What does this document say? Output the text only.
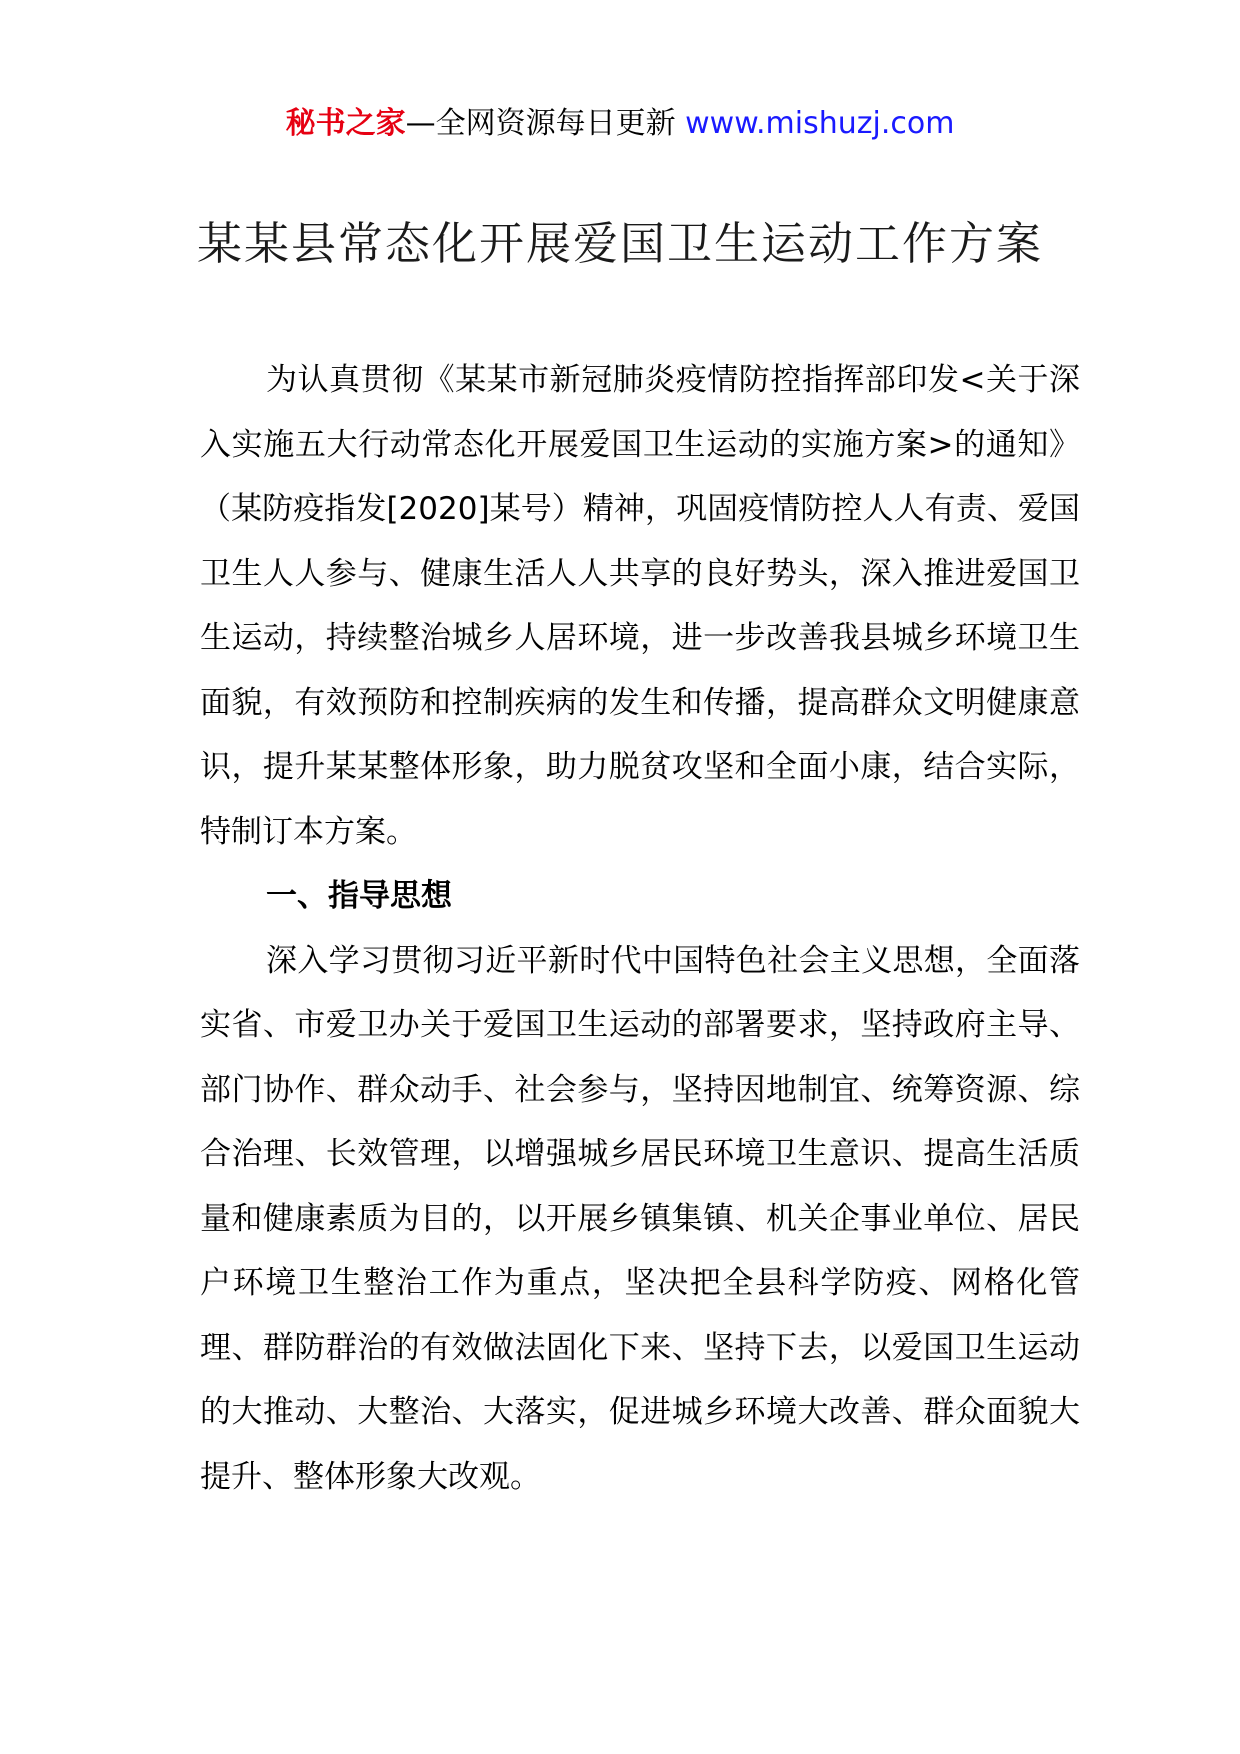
秘书之家—全网资源每日更新 www.mishuzj.com
某某县常态化开展爱国卫生运动工作方案

为认真贯彻《某某市新冠肺炎疫情防控指挥部印发<关于深入实施五大行动常态化开展爱国卫生运动的实施方案>的通知》（某防疫指发[2020]某号）精神，巩固疫情防控人人有责、爱国卫生人人参与、健康生活人人共享的良好势头，深入推进爱国卫生运动，持续整治城乡人居环境，进一步改善我县城乡环境卫生面貌，有效预防和控制疾病的发生和传播，提高群众文明健康意识，提升某某整体形象，助力脱贫攻坚和全面小康，结合实际，特制订本方案。

一、指导思想

深入学习贯彻习近平新时代中国特色社会主义思想，全面落实省、市爱卫办关于爱国卫生运动的部署要求，坚持政府主导、部门协作、群众动手、社会参与，坚持因地制宜、统筹资源、综合治理、长效管理，以增强城乡居民环境卫生意识、提高生活质量和健康素质为目的，以开展乡镇集镇、机关企事业单位、居民户环境卫生整治工作为重点，坚决把全县科学防疫、网格化管理、群防群治的有效做法固化下来、坚持下去，以爱国卫生运动的大推动、大整治、大落实，促进城乡环境大改善、群众面貌大提升、整体形象大改观。
